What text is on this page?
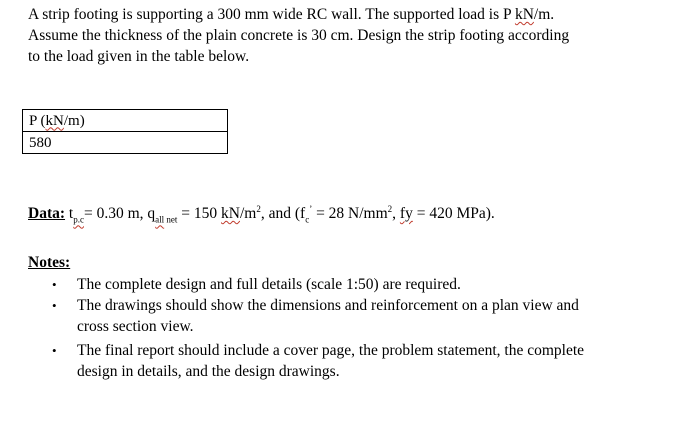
A strip footing is supporting a 300 mm wide RC wall. The supported load is P kN/m.
Assume the thickness of the plain concrete is 30 cm. Design the strip footing according
to the load given in the table below.

P (kN/m)
580

Data: $t_{p.c}= 0.30$ m, $q_{all net} = 150$ $kN/m^2$, and ($f_c^’ = 28$ $N/mm^2$, fy = 420 MPa).

Notes:

• The complete design and full details (scale 1:50) are required.
• The drawings should show the dimensions and reinforcement on a plan view and
cross section view.
• The final report should include a cover page, the problem statement, the complete
design in details, and the design drawings.
